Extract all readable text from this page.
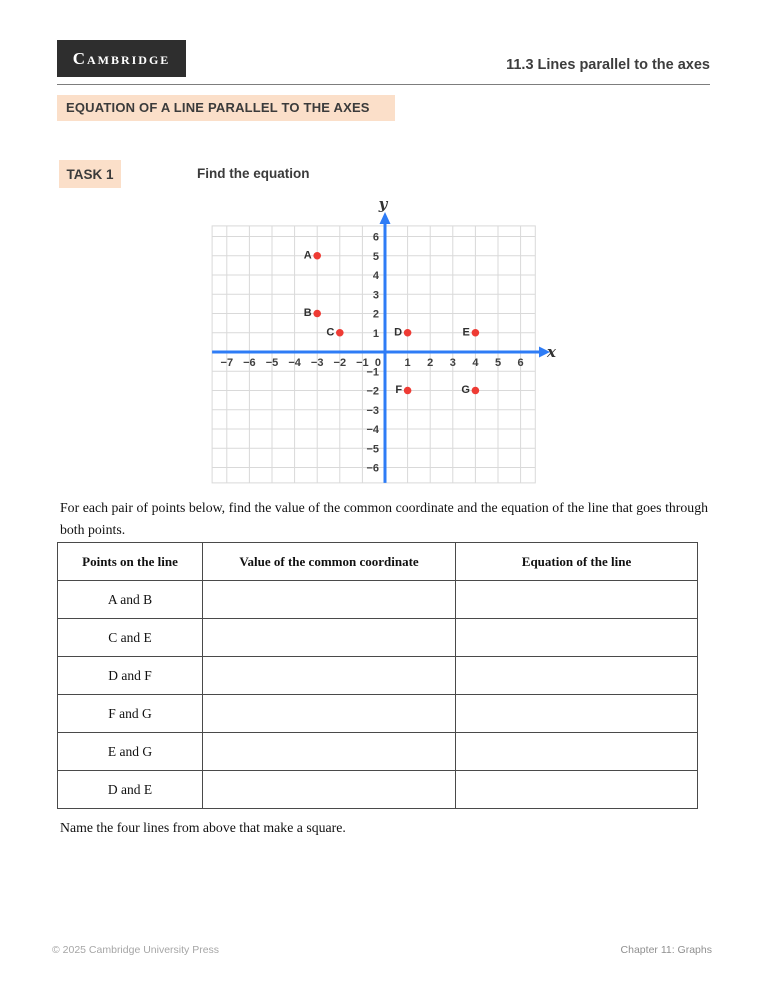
Cambridge	11.3 Lines parallel to the axes
EQUATION OF A LINE PARALLEL TO THE AXES
TASK 1	Find the equation
−7 −6 −5 −4 −3 −2 −1 0 1 2 3 4 5 6
−6
−5
−4
−3
−2
−1
1
2
3
4
5
6
x
y
A
B
C	D	E
F	G
For each pair of points below, find the value of the common coordinate and the equation of the line that goes through both points.
Points on the line	Value of the common coordinate	Equation of the line
A and B		
C and E		
D and F		
F and G		
E and G		
D and E		
Name the four lines from above that make a square.
© 2025 Cambridge University Press	Chapter 11: Graphs
